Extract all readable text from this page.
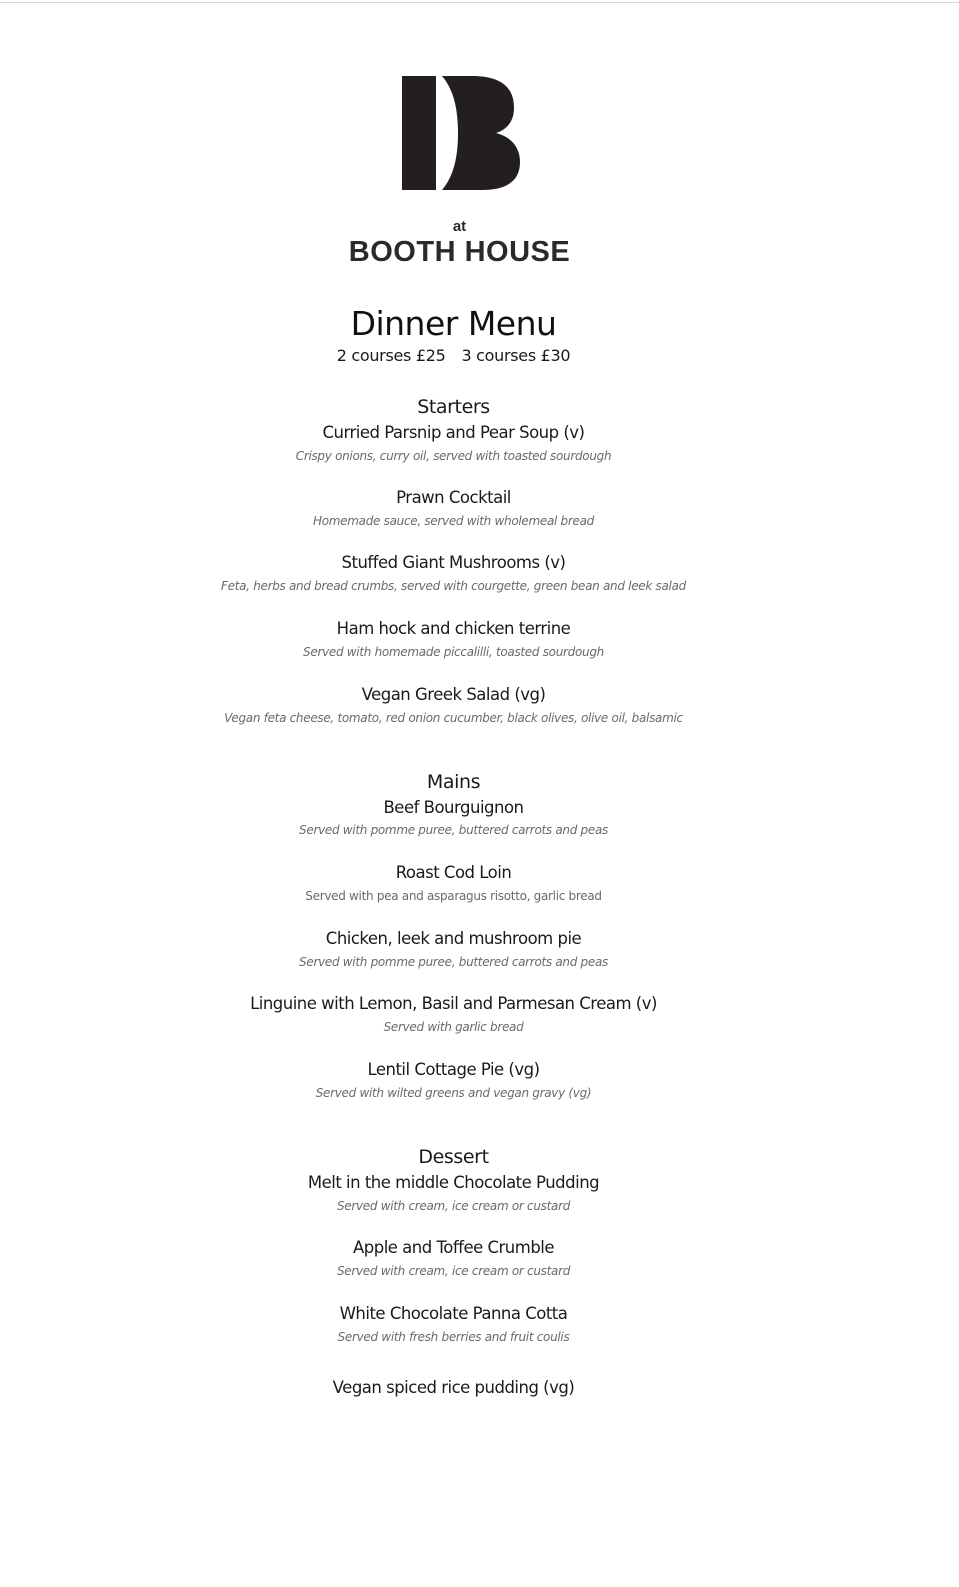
at
BOOTH HOUSE
Dinner Menu
2 courses £25 3 courses £30
Starters
Curried Parsnip and Pear Soup (v)
Crispy onions, curry oil, served with toasted sourdough
Prawn Cocktail
Homemade sauce, served with wholemeal bread
Stuffed Giant Mushrooms (v)
Feta, herbs and bread crumbs, served with courgette, green bean and leek salad
Ham hock and chicken terrine
Served with homemade piccalilli, toasted sourdough
Vegan Greek Salad (vg)
Vegan feta cheese, tomato, red onion cucumber, black olives, olive oil, balsamic
Mains
Beef Bourguignon
Served with pomme puree, buttered carrots and peas
Roast Cod Loin
Served with pea and asparagus risotto, garlic bread
Chicken, leek and mushroom pie
Served with pomme puree, buttered carrots and peas
Linguine with Lemon, Basil and Parmesan Cream (v)
Served with garlic bread
Lentil Cottage Pie (vg)
Served with wilted greens and vegan gravy (vg)
Dessert
Melt in the middle Chocolate Pudding
Served with cream, ice cream or custard
Apple and Toffee Crumble
Served with cream, ice cream or custard
White Chocolate Panna Cotta
Served with fresh berries and fruit coulis
Vegan spiced rice pudding (vg)
